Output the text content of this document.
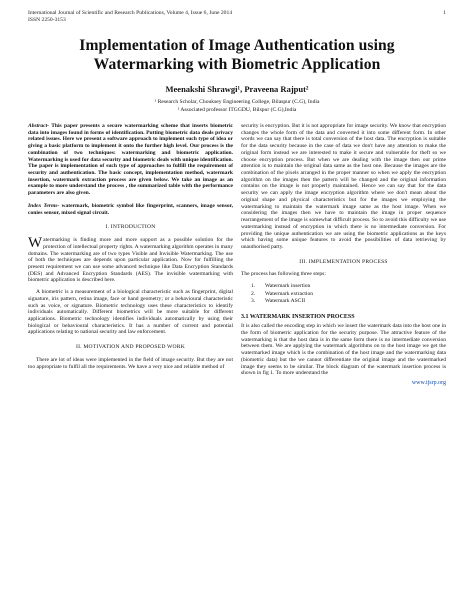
International Journal of Scientific and Research Publications, Volume 4, Issue 6, June 2014
ISSN 2250-3153
1
Implementation of Image Authentication using
Watermarking with Biometric Application
Meenakshi Shrawgi¹, Praveena Rajput²
¹ Research Scholar, Chouksey Engineering College, Bilaspur (C.G), India
² Associated professor ITGGDU, Bilspur (C.G),India

Abstract- This paper presents a secure watermarking scheme that inserts biometric data into images found in forms of identification. Putting biometric data deals privacy related issues. Here we present a software approach to implement such type of idea or giving a basic platform to implement it onto the further high level. Our process is the combination of two techniques: watermarking and biometric application. Watermarking is used for data security and biometric deals with unique identification. The paper is implementation of such type of approaches to fulfill the requirement of security and authentication. The basic concept, implementation method, watermark insertion, watermark extraction process are given below. We take an image as an example to more understand the process , the summarized table with the performance parameters are also given.

Index Terms- watermark, biometric symbol like fingerprint, scanners, image sensor, conies sensor, mixed signal circuit.

I. INTRODUCTION

Watermarking is finding more and more support as a possible solution for the protection of intellectual property rights. A watermarking algorithm operates in many domains. The watermarking are of two types Visible and Invisible Watermarking. The use of both the techniques are depends upon particular application. Now for fulfilling the present requirement we can use some advanced technique like Data Encryption Standards (DES) and Advanced Encryption Standards (AES). The invisible watermarking with biometric application is described here.

A biometric is a measurement of a biological characteristic such as fingerprint, digital signature, iris pattern, retina image, face or hand geometry; or a behavioural characteristic such as voice, or signature. Biometric technology uses these characteristics to identify individuals automatically. Different biometrics will be more suitable for different applications. Biometric technology identifies individuals automatically by using their biological or behavioural characteristics. It has a number of current and potential applications relating to national security and law enforcement.

II. MOTIVATION AND PROPOSED WORK

There are lot of ideas were implemented in the field of image security. But they are not too appropriate to fulfil all the requirements. We have a very nice and reliable method of

security is encryption. But it is not appropriate for image security. We know that encryption changes the whole form of the data and converted it into some different form. In other words we can say that there is total conversion of the host data. The encryption is suitable for the data security because in the case of data we don't have any attention to make the original form instead we are interested to make it secure and vulnerable for theft so we choose encryption process. But when we are dealing with the image then our prime attention is to maintain the original data same as the host one. Because the images are the combination of the pixels arranged in the proper manner so when we apply the encryption algorithm on the images then the pattern will be changed and the original information contains on the image is not properly maintained. Hence we can say that for the data security we can apply the image encryption algorithm where we don't mean about the original shape and physical characteristics but for the images we employing the watermarking to maintain the watermark image same as the host image. When we considering the images then we have to maintain the image in proper sequence rearrangement of the image is somewhat difficult process. So to avoid this difficulty we use watermarking instead of encryption in which there is no intermediate conversion. For providing the unique authentication we are using the biometric applications as the keys which having some unique features to avoid the possibilities of data retrieving by unauthorised party.

III. IMPLEMENTATION PROCESS

The process has following three steps:

1.	Watermark insertion
2.	Watermark extraction
3.	Watermark ASCII
3.1 WATERMARK INSERTION PROCESS

It is also called the encoding step in which we insert the watermark data into the host one in the form of biometric application for the security purpose. The attractive feature of the watermarking is that the host data is in the same form there is no intermediate conversion between them. We are applying the watermark algorithms on to the host image we get the watermarked image which is the combination of the host image and the watermarking data (biometric data) but the we cannot differentiate the original image and the watermarked image they seems to be similar. The block diagram of the watermark insertion process is shown in fig 1. To more understand the

www.ijsrp.org
